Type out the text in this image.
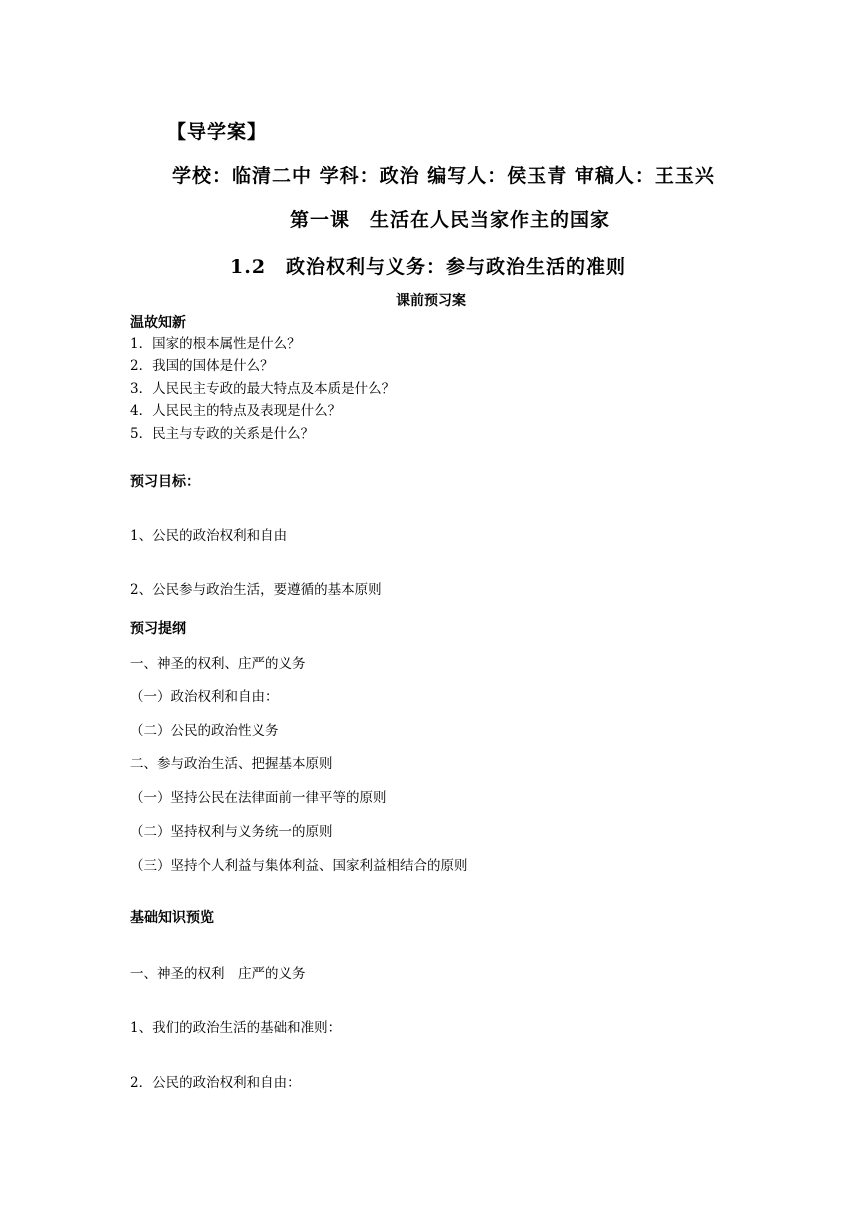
【导学案】

学校：临清二中 学科：政治 编写人：侯玉青 审稿人：王玉兴

第一课　生活在人民当家作主的国家

1.2　政治权利与义务：参与政治生活的准则

课前预习案

温故知新

1．国家的根本属性是什么？

2．我国的国体是什么？

3．人民民主专政的最大特点及本质是什么？

4．人民民主的特点及表现是什么？

5．民主与专政的关系是什么？

预习目标：

1、公民的政治权利和自由

2、公民参与政治生活，要遵循的基本原则

预习提纲

一、神圣的权利、庄严的义务

（一）政治权利和自由：

（二）公民的政治性义务

二、参与政治生活、把握基本原则

（一）坚持公民在法律面前一律平等的原则

（二）坚持权利与义务统一的原则

（三）坚持个人利益与集体利益、国家利益相结合的原则

基础知识预览

一、神圣的权利　庄严的义务

1、我们的政治生活的基础和准则：

2．公民的政治权利和自由：
